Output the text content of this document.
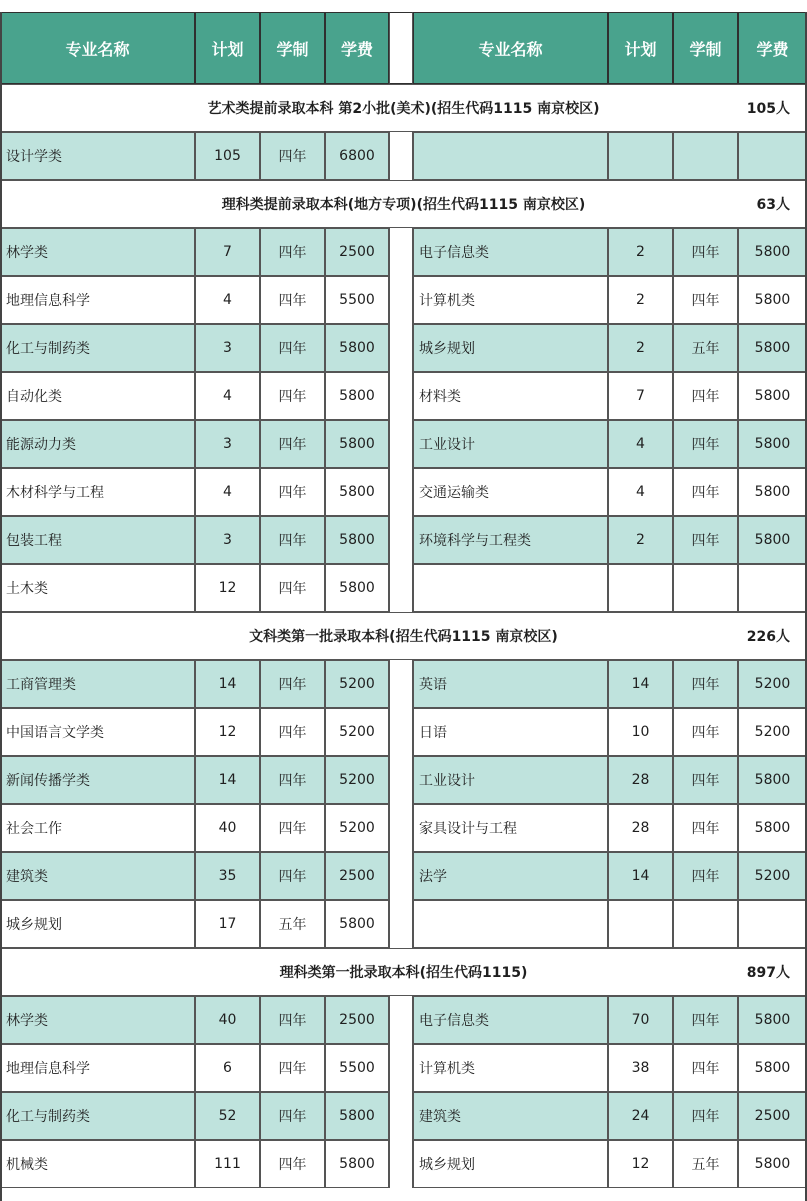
专业名称	计划	学制	学费	专业名称	计划	学制	学费
艺术类提前录取本科 第2小批(美术)(招生代码1115 南京校区)	105人
设计学类	105	四年	6800
理科类提前录取本科(地方专项)(招生代码1115 南京校区)	63人
林学类	7	四年	2500	电子信息类	2	四年	5800
地理信息科学	4	四年	5500	计算机类	2	四年	5800
化工与制药类	3	四年	5800	城乡规划	2	五年	5800
自动化类	4	四年	5800	材料类	7	四年	5800
能源动力类	3	四年	5800	工业设计	4	四年	5800
木材科学与工程	4	四年	5800	交通运输类	4	四年	5800
包装工程	3	四年	5800	环境科学与工程类	2	四年	5800
土木类	12	四年	5800
文科类第一批录取本科(招生代码1115 南京校区)	226人
工商管理类	14	四年	5200	英语	14	四年	5200
中国语言文学类	12	四年	5200	日语	10	四年	5200
新闻传播学类	14	四年	5200	工业设计	28	四年	5800
社会工作	40	四年	5200	家具设计与工程	28	四年	5800
建筑类	35	四年	2500	法学	14	四年	5200
城乡规划	17	五年	5800
理科类第一批录取本科(招生代码1115)	897人
林学类	40	四年	2500	电子信息类	70	四年	5800
地理信息科学	6	四年	5500	计算机类	38	四年	5800
化工与制药类	52	四年	5800	建筑类	24	四年	2500
机械类	111	四年	5800	城乡规划	12	五年	5800
